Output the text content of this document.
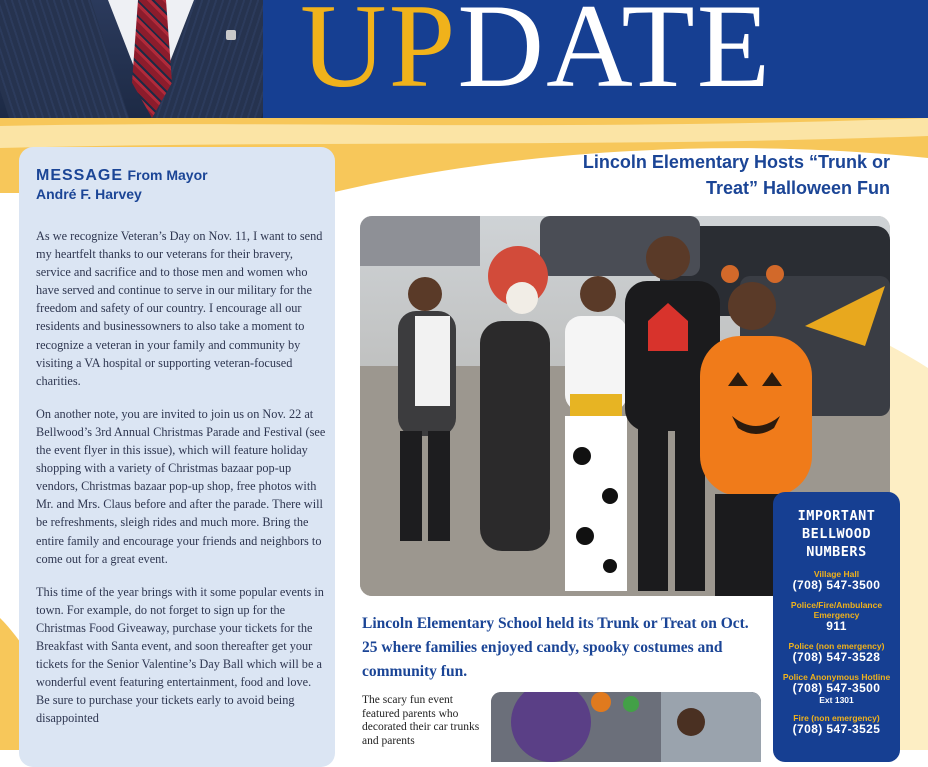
UPDATE
MESSAGE From Mayor
André F. Harvey

As we recognize Veteran’s Day on Nov. 11, I want to send my heartfelt thanks to our veterans for their bravery, service and sacrifice and to those men and women who have served and continue to serve in our military for the freedom and safety of our country. I encourage all our residents and businessowners to also take a moment to recognize a veteran in your family and community by visiting a VA hospital or supporting veteran-focused charities.

On another note, you are invited to join us on Nov. 22 at Bellwood’s 3rd Annual Christmas Parade and Festival (see the event flyer in this issue), which will feature holiday shopping with a variety of Christmas bazaar pop-up vendors, Christmas bazaar pop-up shop, free photos with Mr. and Mrs. Claus before and after the parade. There will be refreshments, sleigh rides and much more. Bring the entire family and encourage your friends and neighbors to come out for a great event.

This time of the year brings with it some popular events in town. For example, do not forget to sign up for the Christmas Food Giveaway, purchase your tickets for the Breakfast with Santa event, and soon thereafter get your tickets for the Senior Valentine’s Day Ball which will be a wonderful event featuring entertainment, food and love. Be sure to purchase your tickets early to avoid being disappointed

Lincoln Elementary Hosts “Trunk or
Treat” Halloween Fun
Lincoln Elementary School held its Trunk or Treat on Oct. 25 where families enjoyed candy, spooky costumes and community fun.
The scary fun event featured parents who decorated their car trunks and parents
IMPORTANT
BELLWOOD
NUMBERS
Village Hall
(708) 547-3500
Police/Fire/Ambulance Emergency
911
Police (non emergency)
(708) 547-3528
Police Anonymous Hotline
(708) 547-3500
Ext 1301
Fire (non emergency)
(708) 547-3525
